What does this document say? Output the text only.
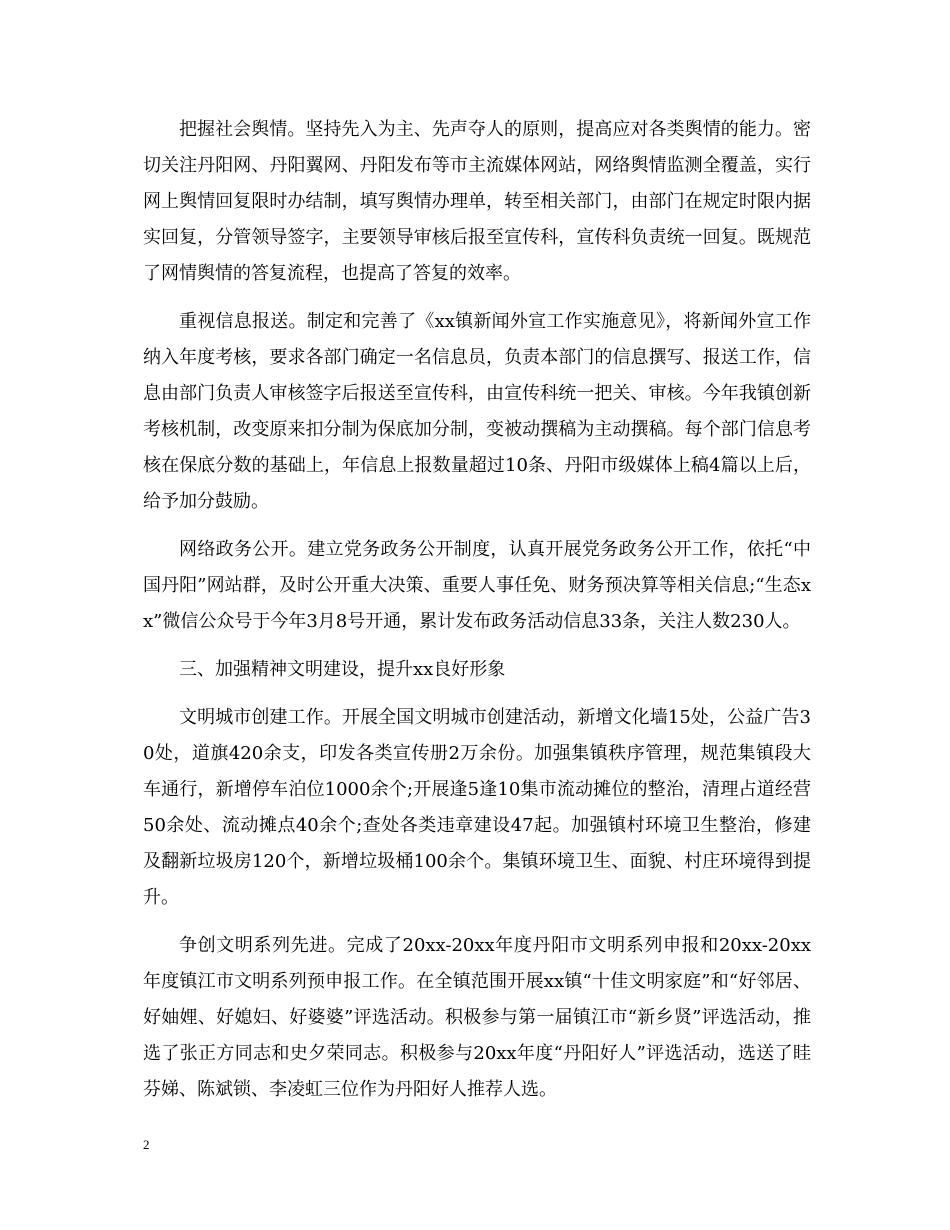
把握社会舆情。坚持先入为主、先声夺人的原则，提高应对各类舆情的能力。密切关注丹阳网、丹阳翼网、丹阳发布等市主流媒体网站，网络舆情监测全覆盖，实行网上舆情回复限时办结制，填写舆情办理单，转至相关部门，由部门在规定时限内据实回复，分管领导签字，主要领导审核后报至宣传科，宣传科负责统一回复。既规范了网情舆情的答复流程，也提高了答复的效率。

重视信息报送。制定和完善了《xx镇新闻外宣工作实施意见》，将新闻外宣工作纳入年度考核，要求各部门确定一名信息员，负责本部门的信息撰写、报送工作，信息由部门负责人审核签字后报送至宣传科，由宣传科统一把关、审核。今年我镇创新考核机制，改变原来扣分制为保底加分制，变被动撰稿为主动撰稿。每个部门信息考核在保底分数的基础上，年信息上报数量超过10条、丹阳市级媒体上稿4篇以上后，给予加分鼓励。

网络政务公开。建立党务政务公开制度，认真开展党务政务公开工作，依托“中国丹阳”网站群，及时公开重大决策、重要人事任免、财务预决算等相关信息;“生态xx”微信公众号于今年3月8号开通，累计发布政务活动信息33条，关注人数230人。

三、加强精神文明建设，提升xx良好形象

文明城市创建工作。开展全国文明城市创建活动，新增文化墙15处，公益广告30处，道旗420余支，印发各类宣传册2万余份。加强集镇秩序管理，规范集镇段大车通行，新增停车泊位1000余个;开展逢5逢10集市流动摊位的整治，清理占道经营50余处、流动摊点40余个;查处各类违章建设47起。加强镇村环境卫生整治，修建及翻新垃圾房120个，新增垃圾桶100余个。集镇环境卫生、面貌、村庄环境得到提升。

争创文明系列先进。完成了20xx-20xx年度丹阳市文明系列申报和20xx-20xx年度镇江市文明系列预申报工作。在全镇范围开展xx镇“十佳文明家庭”和“好邻居、好妯娌、好媳妇、好婆婆”评选活动。积极参与第一届镇江市“新乡贤”评选活动，推选了张正方同志和史夕荣同志。积极参与20xx年度“丹阳好人”评选活动，选送了眭芬娣、陈斌锁、李凌虹三位作为丹阳好人推荐人选。

2
